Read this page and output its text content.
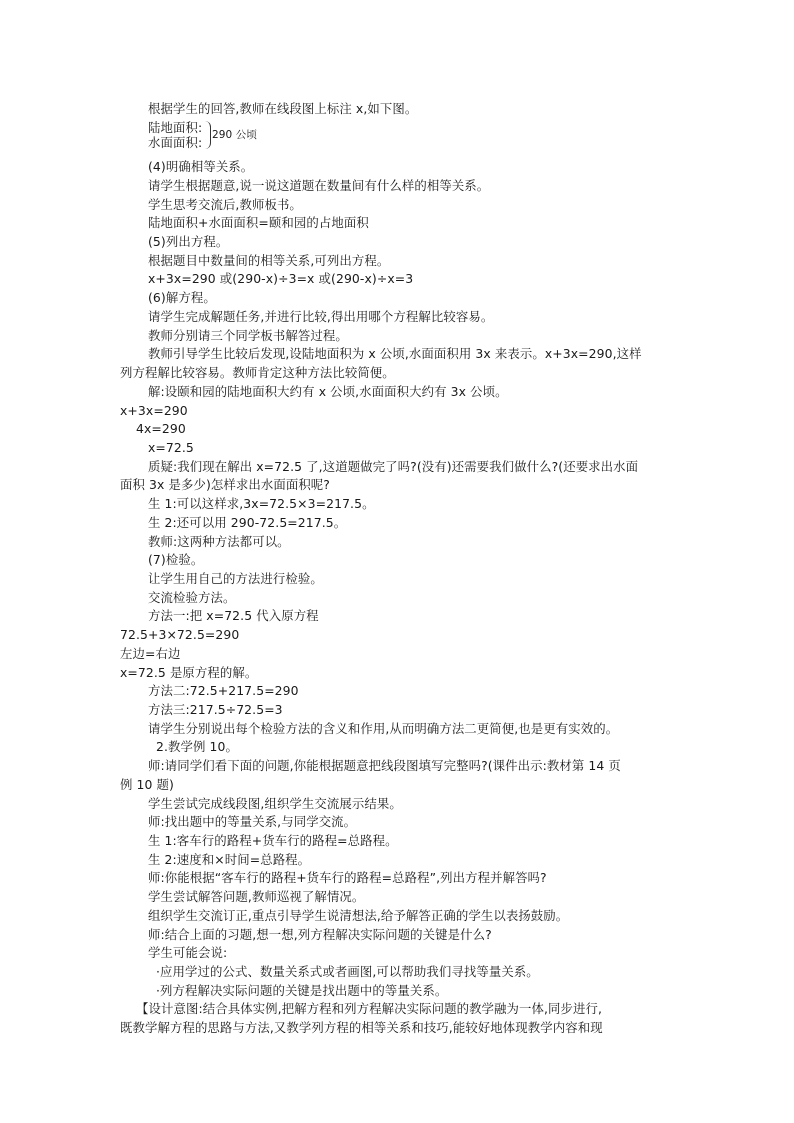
根据学生的回答,教师在线段图上标注 x,如下图。
陆地面积:
水面面积: 290 公顷
(4)明确相等关系。
请学生根据题意,说一说这道题在数量间有什么样的相等关系。
学生思考交流后,教师板书。
陆地面积+水面面积=颐和园的占地面积
(5)列出方程。
根据题目中数量间的相等关系,可列出方程。
x+3x=290 或(290-x)÷3=x 或(290-x)÷x=3
(6)解方程。
请学生完成解题任务,并进行比较,得出用哪个方程解比较容易。
教师分别请三个同学板书解答过程。
教师引导学生比较后发现,设陆地面积为 x 公顷,水面面积用 3x 来表示。x+3x=290,这样
列方程解比较容易。教师肯定这种方法比较简便。
解:设颐和园的陆地面积大约有 x 公顷,水面面积大约有 3x 公顷。
x+3x=290
4x=290
x=72.5
质疑:我们现在解出 x=72.5 了,这道题做完了吗?(没有)还需要我们做什么?(还要求出水面
面积 3x 是多少)怎样求出水面面积呢?
生 1:可以这样求,3x=72.5×3=217.5。
生 2:还可以用 290-72.5=217.5。
教师:这两种方法都可以。
(7)检验。
让学生用自己的方法进行检验。
交流检验方法。
方法一:把 x=72.5 代入原方程
72.5+3×72.5=290
左边=右边
x=72.5 是原方程的解。
方法二:72.5+217.5=290
方法三:217.5÷72.5=3
请学生分别说出每个检验方法的含义和作用,从而明确方法二更简便,也是更有实效的。
2.教学例 10。
师:请同学们看下面的问题,你能根据题意把线段图填写完整吗?(课件出示:教材第 14 页
例 10 题)
学生尝试完成线段图,组织学生交流展示结果。
师:找出题中的等量关系,与同学交流。
生 1:客车行的路程+货车行的路程=总路程。
生 2:速度和×时间=总路程。
师:你能根据“客车行的路程+货车行的路程=总路程”,列出方程并解答吗?
学生尝试解答问题,教师巡视了解情况。
组织学生交流订正,重点引导学生说清想法,给予解答正确的学生以表扬鼓励。
师:结合上面的习题,想一想,列方程解决实际问题的关键是什么?
学生可能会说:
·应用学过的公式、数量关系式或者画图,可以帮助我们寻找等量关系。
·列方程解决实际问题的关键是找出题中的等量关系。
【设计意图:结合具体实例,把解方程和列方程解决实际问题的教学融为一体,同步进行,
既教学解方程的思路与方法,又教学列方程的相等关系和技巧,能较好地体现教学内容和现
